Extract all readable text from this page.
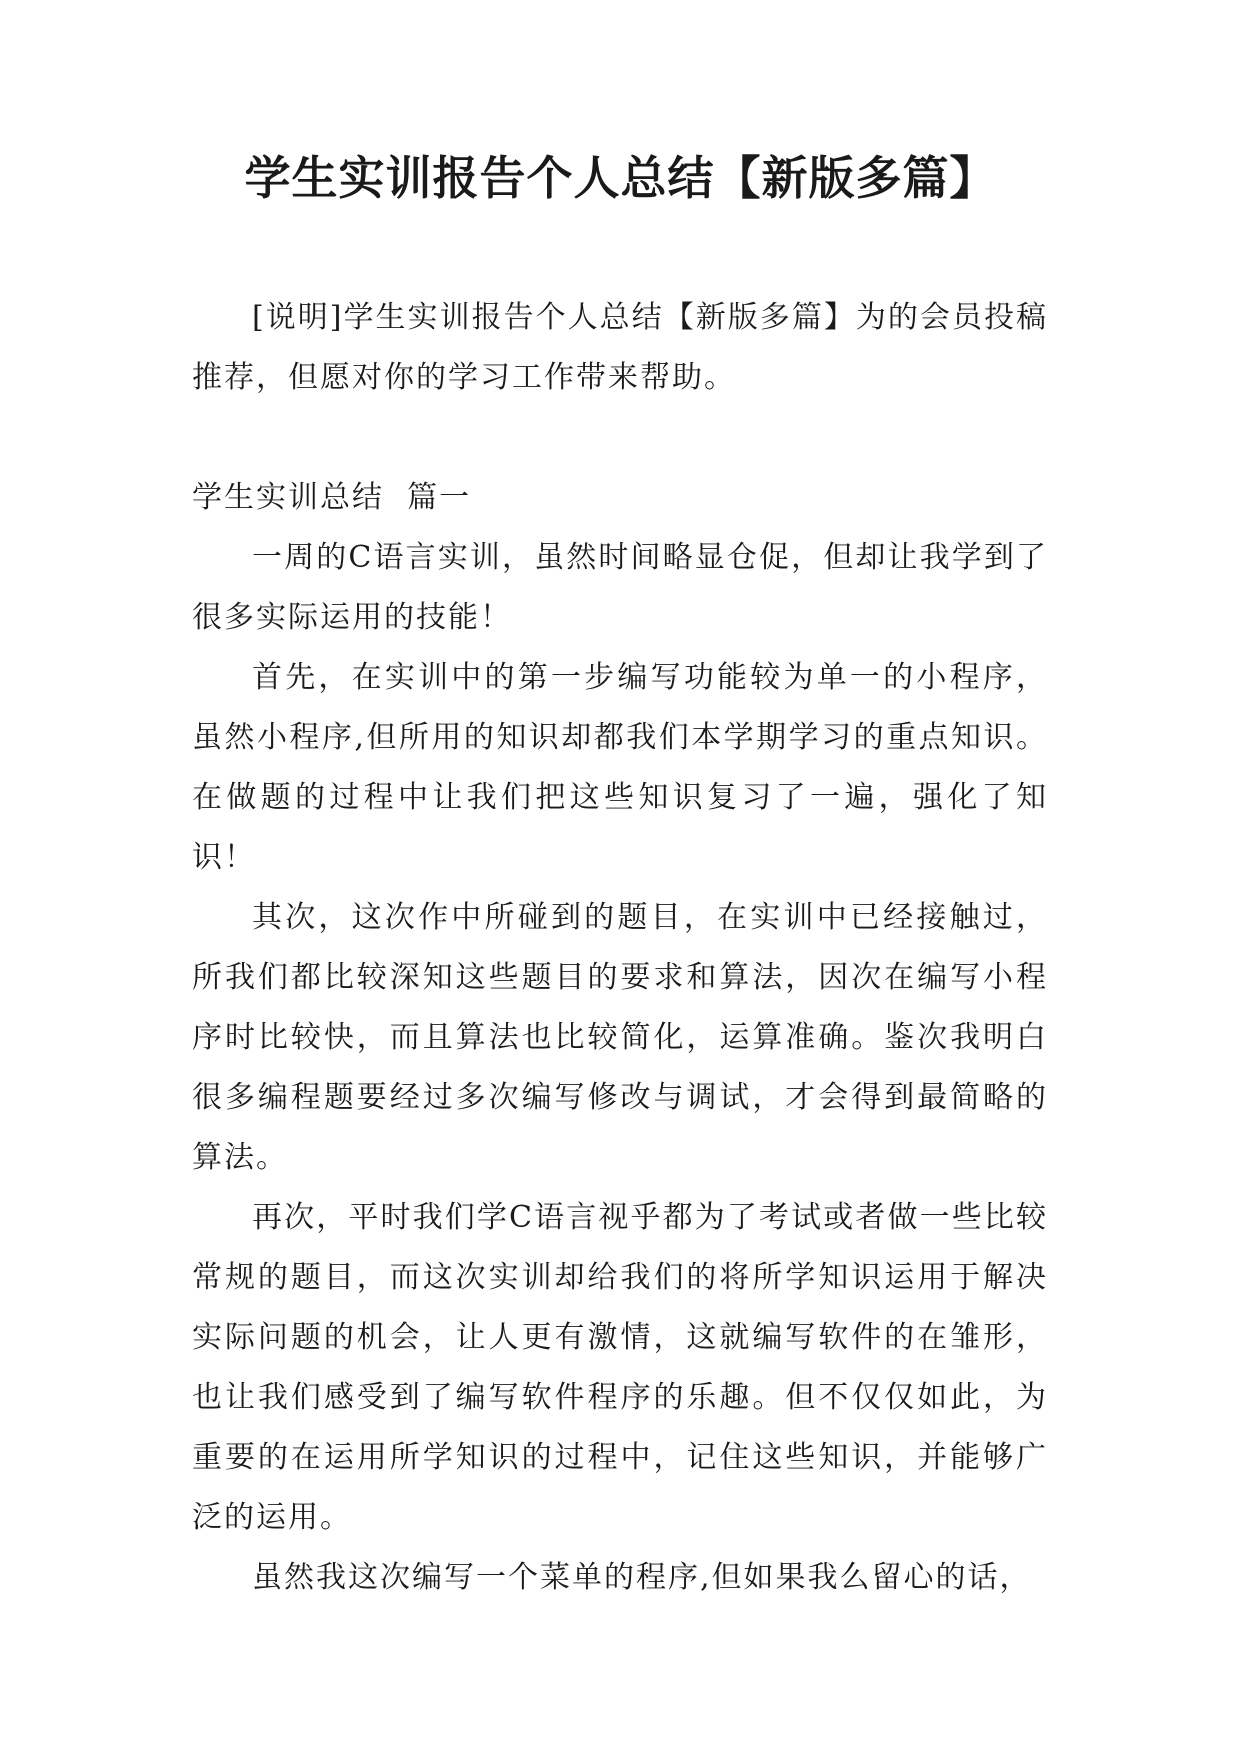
学生实训报告个人总结【新版多篇】

[说明]学生实训报告个人总结【新版多篇】为的会员投稿推荐，但愿对你的学习工作带来帮助。

学生实训总结  篇一

一周的C语言实训，虽然时间略显仓促，但却让我学到了很多实际运用的技能！

首先，在实训中的第一步编写功能较为单一的小程序，虽然小程序,但所用的知识却都我们本学期学习的重点知识。在做题的过程中让我们把这些知识复习了一遍，强化了知识！

其次，这次作中所碰到的题目，在实训中已经接触过，所我们都比较深知这些题目的要求和算法，因次在编写小程序时比较快，而且算法也比较简化，运算准确。鉴次我明白很多编程题要经过多次编写修改与调试，才会得到最简略的算法。

再次，平时我们学C语言视乎都为了考试或者做一些比较常规的题目，而这次实训却给我们的将所学知识运用于解决实际问题的机会，让人更有激情，这就编写软件的在雏形，也让我们感受到了编写软件程序的乐趣。但不仅仅如此，为重要的在运用所学知识的过程中，记住这些知识，并能够广泛的运用。

虽然我这次编写一个菜单的程序,但如果我么留心的话，
